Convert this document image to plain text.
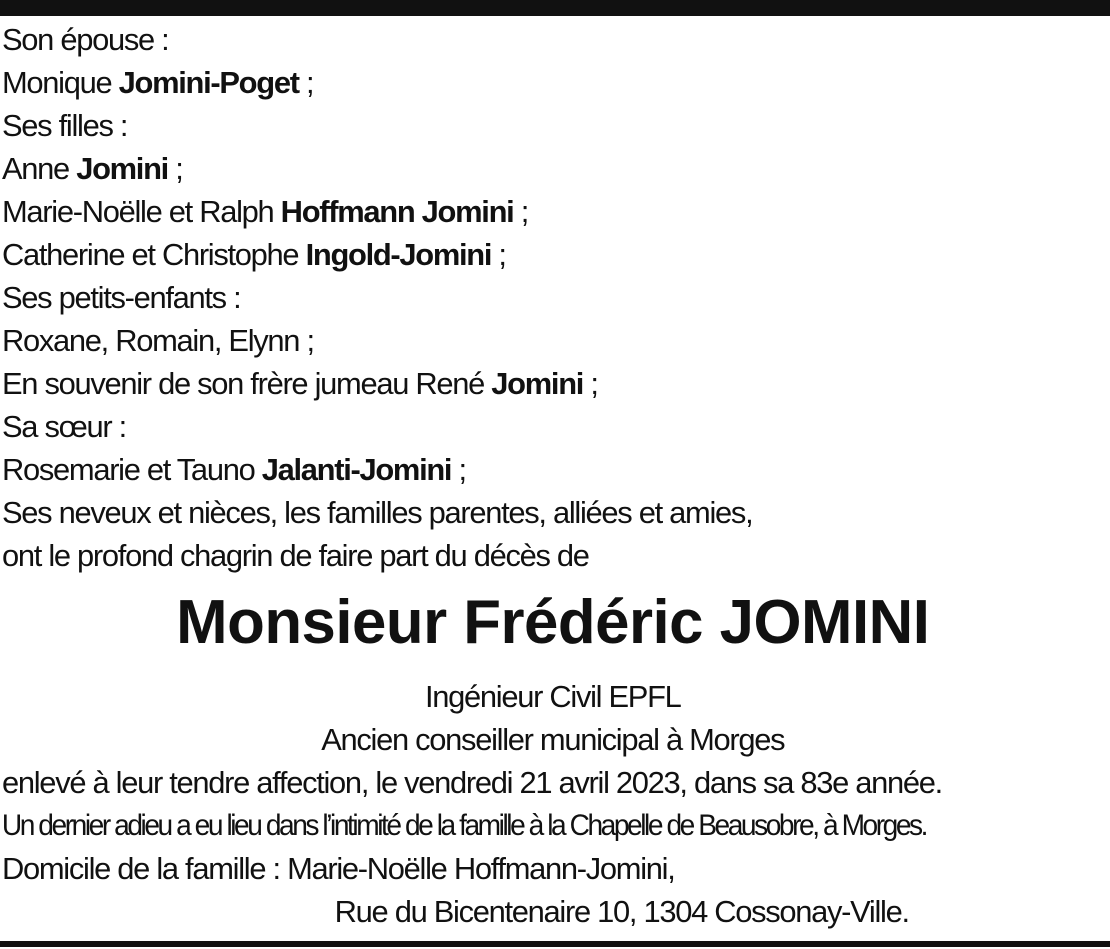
Son épouse :
Monique Jomini-Poget ;
Ses filles :
Anne Jomini ;
Marie-Noëlle et Ralph Hoffmann Jomini ;
Catherine et Christophe Ingold-Jomini ;
Ses petits-enfants :
Roxane, Romain, Elynn ;
En souvenir de son frère jumeau René Jomini ;
Sa sœur :
Rosemarie et Tauno Jalanti-Jomini ;
Ses neveux et nièces, les familles parentes, alliées et amies,
ont le profond chagrin de faire part du décès de
Monsieur Frédéric JOMINI
Ingénieur Civil EPFL
Ancien conseiller municipal à Morges
enlevé à leur tendre affection, le vendredi 21 avril 2023, dans sa 83e année.
Un dernier adieu a eu lieu dans l’intimité de la famille à la Chapelle de Beausobre, à Morges.
Domicile de la famille : Marie-Noëlle Hoffmann-Jomini,
Rue du Bicentenaire 10, 1304 Cossonay-Ville.
